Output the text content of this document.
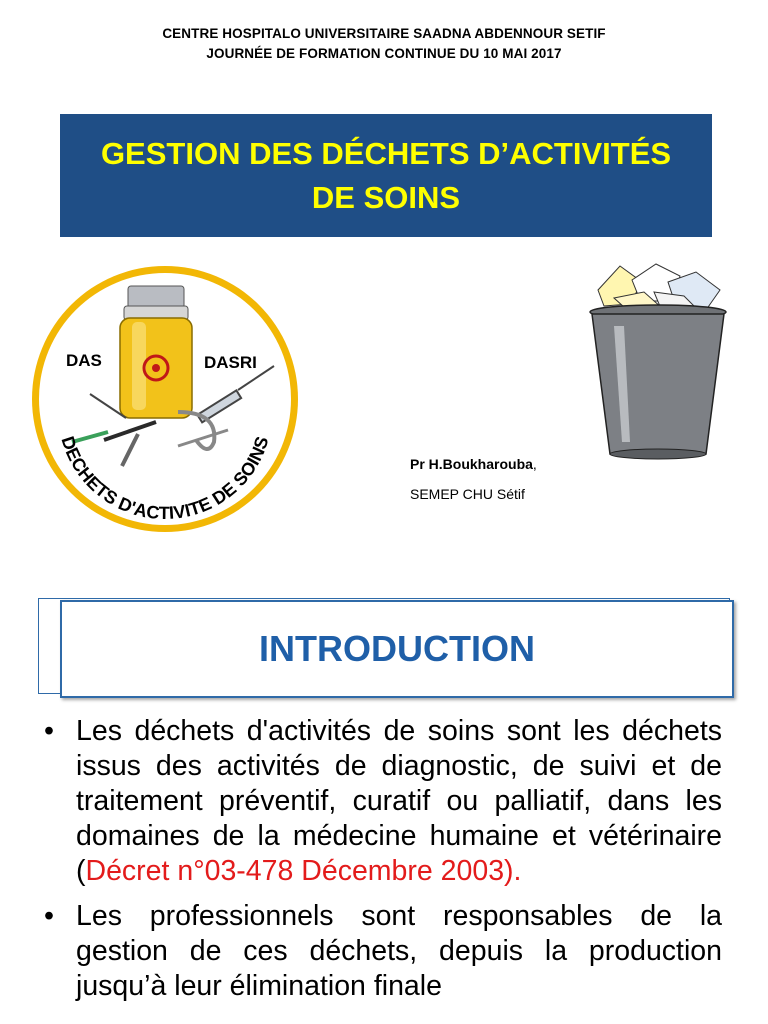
CENTRE HOSPITALO UNIVERSITAIRE SAADNA ABDENNOUR SETIF
JOURNÉE DE FORMATION CONTINUE DU 10 MAI 2017
GESTION DES DÉCHETS D’ACTIVITÉS
DE SOINS
DAS	DASRI
DECHETS D'ACTIVITE DE SOINS
Pr H.Boukharouba,
SEMEP CHU Sétif
INTRODUCTION
• Les déchets d'activités de soins sont les déchets issus des activités de diagnostic, de suivi et de traitement préventif, curatif ou palliatif, dans les domaines de la médecine humaine et vétérinaire (Décret n°03-478 Décembre 2003).
• Les professionnels sont responsables de la gestion de ces déchets, depuis la production jusqu’à leur élimination finale
